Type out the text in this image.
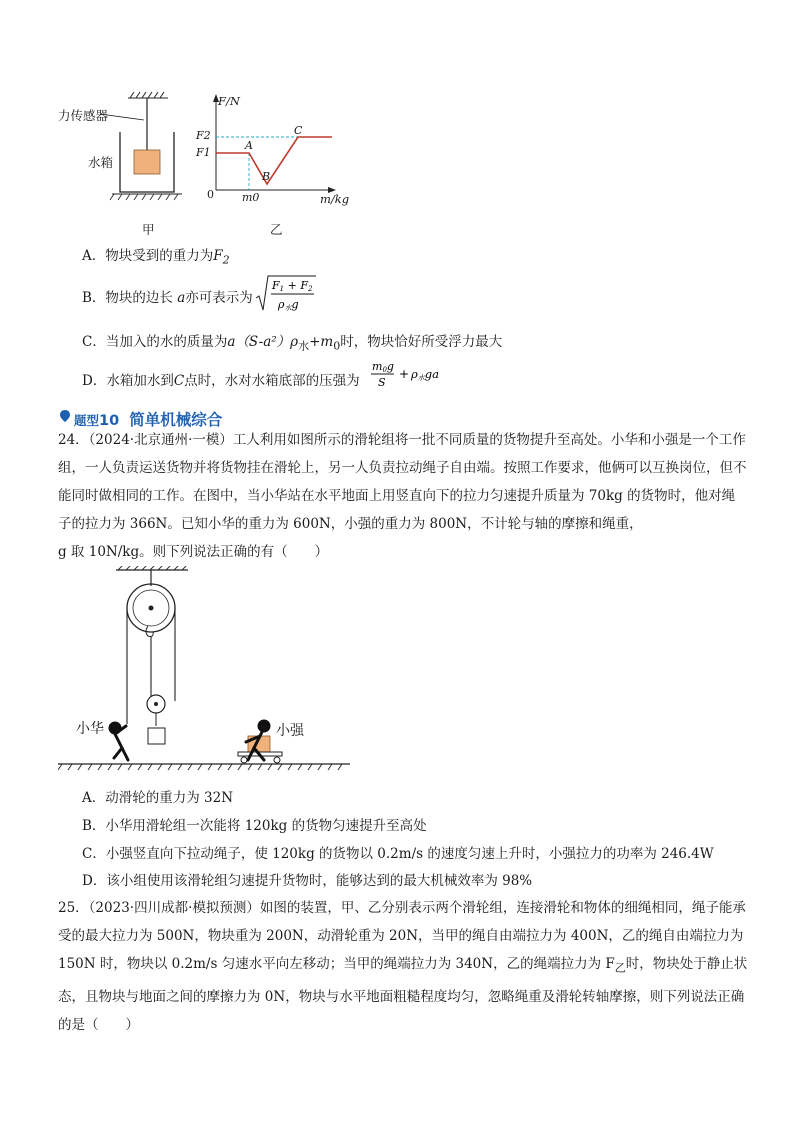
力传感器
水箱
甲	乙
F/N
m/kg
0
F2
F1
m0
A
B
C
A．物块受到的重力为$F_2$
B．物块的边长 a亦可表示为
F1 + F2
ρ水g
C．当加入的水的质量为$a(S-a^2)\rho_水+m_0$时，物块恰好所受浮力最大
D．水箱加水到C点时，水对水箱底部的压强为
m0g
S
+ ρ水ga
题型10 简单机械综合
24．（2024·北京通州·一模）工人利用如图所示的滑轮组将一批不同质量的货物提升至高处。小华和小强是一个工作组，一人负责运送货物并将货物挂在滑轮上，另一人负责拉动绳子自由端。按照工作要求，他俩可以互换岗位，但不能同时做相同的工作。在图中，当小华站在水平地面上用竖直向下的拉力匀速提升质量为 70kg 的货物时，他对绳子的拉力为 366N。已知小华的重力为 600N，小强的重力为 800N，不计轮与轴的摩擦和绳重，
g 取 10N/kg。则下列说法正确的有（　　）
小华	小强
A．动滑轮的重力为 32N
B．小华用滑轮组一次能将 120kg 的货物匀速提升至高处
C．小强竖直向下拉动绳子，使 120kg 的货物以 0.2m/s 的速度匀速上升时，小强拉力的功率为 246.4W
D．该小组使用该滑轮组匀速提升货物时，能够达到的最大机械效率为 98%
25．（2023·四川成都·模拟预测）如图的装置，甲、乙分别表示两个滑轮组，连接滑轮和物体的细绳相同，绳子能承受的最大拉力为 500N，物块重为 200N，动滑轮重为 20N，当甲的绳自由端拉力为 400N，乙的绳自由端拉力为 150N 时，物块以 0.2m/s 匀速水平向左移动；当甲的绳端拉力为 340N，乙的绳端拉力为 $F_乙$时，物块处于静止状态，且物块与地面之间的摩擦力为 0N，物块与水平地面粗糙程度均匀，忽略绳重及滑轮转轴摩擦，则下列说法正确的是（　　）
